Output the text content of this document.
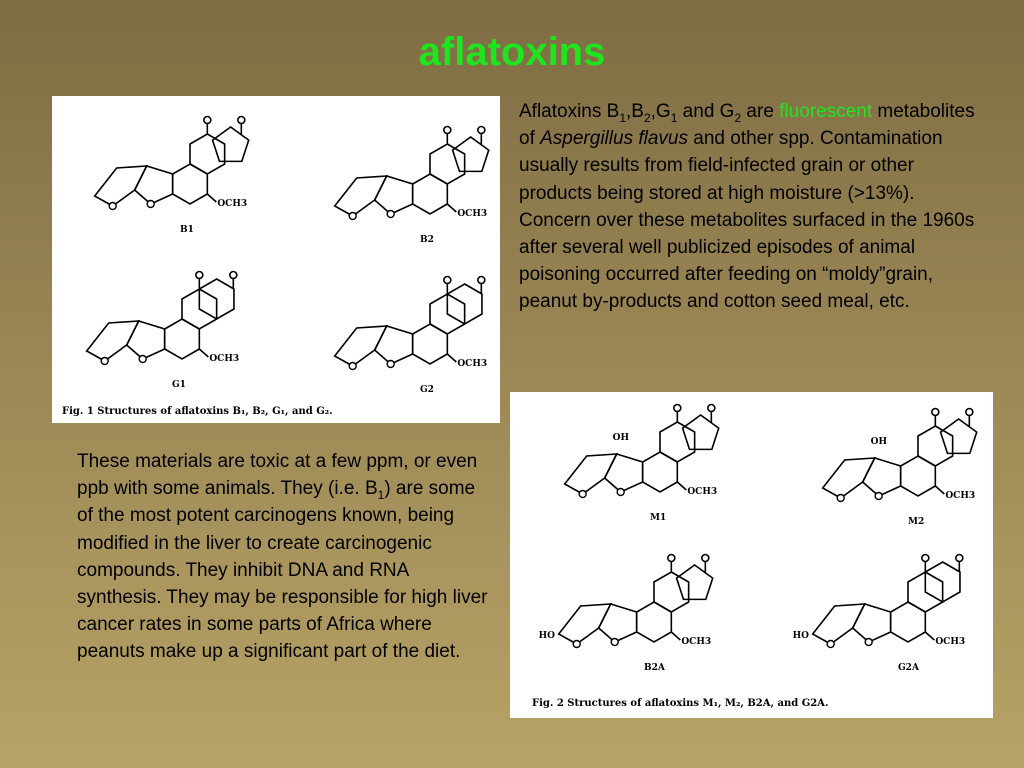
aflatoxins
OCH3
B1
OCH3
B2
OCH3
G1
OCH3
G2
Fig. 1 Structures of aflatoxins B₁, B₂, G₁, and G₂.
OCH3
OH
M1
OCH3
OH
M2
OCH3
HO
B2A
OCH3
HO
G2A
Fig. 2 Structures of aflatoxins M₁, M₂, B2A, and G2A.
Aflatoxins $B_1,B_2,G_1$ and $G_2$ are fluorescent metabolites of Aspergillus flavus and other spp. Contamination usually results from field-infected grain or other products being stored at high moisture (>13%).
Concern over these metabolites surfaced in the 1960s after several well publicized episodes of animal poisoning occurred after feeding on “moldy”grain, peanut by-products and cotton seed meal, etc.
These materials are toxic at a few ppm, or even ppb with some animals. They (i.e. $B_1$) are some of the most potent carcinogens known, being modified in the liver to create carcinogenic compounds. They inhibit DNA and RNA synthesis. They may be responsible for high liver cancer rates in some parts of Africa where peanuts make up a significant part of the diet.
